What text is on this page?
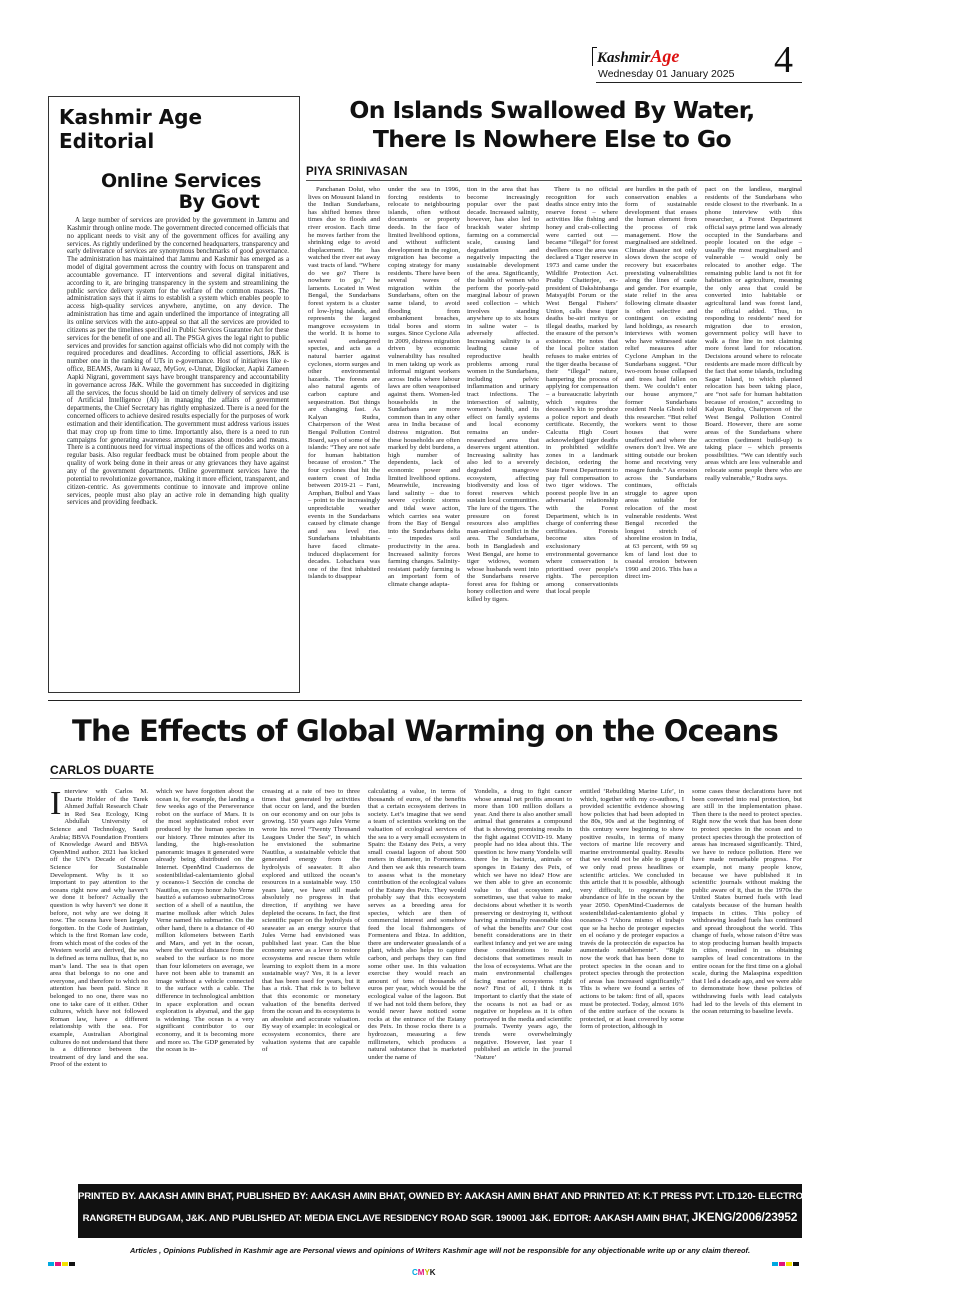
KashmirAge
Wednesday 01 January 2025 4
Kashmir Age
Editorial
Online Services
By Govt

A large number of services are provided by the government in Jammu and Kashmir through online mode. The government directed concerned officials that no applicant needs to visit any of the government offices for availing any services. As rightly underlined by the concerned headquarters, transparency and early deliverance of services are synonymous benchmarks of good governance. The administration has maintained that Jammu and Kashmir has emerged as a model of digital government across the country with focus on transparent and accountable governance. IT interventions and several digital initiatives, according to it, are bringing transparency in the system and streamlining the public service delivery system for the welfare of the common masses. The administration says that it aims to establish a system which enables people to access high-quality services anywhere, anytime, on any device. The administration has time and again underlined the importance of integrating all its online services with the auto-appeal so that all the services are provided to citizens as per the timelines specified in Public Services Guarantee Act for these services for the benefit of one and all. The PSGA gives the legal right to public services and provides for sanction against officials who did not comply with the required procedures and deadlines. According to official assertions, J&K is number one in the ranking of UTs in e-governance. Host of initiatives like e-office, BEAMS, Awam ki Awaaz, MyGov, e-Unnat, Digilocker, Aapki Zameen Aapki Nigrani, government says have brought transparency and accountability in governance across J&K. While the government has succeeded in digitizing all the services, the focus should be laid on timely delivery of services and use of Artificial Intelligence (AI) in managing the affairs of government departments, the Chief Secretary has rightly emphasized. There is a need for the concerned officers to achieve desired results especially for the purposes of work estimation and their identification. The government must address various issues that may crop up from time to time. Importantly also, there is a need to run campaigns for generating awareness among masses about modes and means. There is a continuous need for virtual inspections of the offices and works on a regular basis. Also regular feedback must be obtained from people about the quality of work being done in their areas or any grievances they have against any of the government departments. Online government services have the potential to revolutionize governance, making it more efficient, transparent, and citizen-centric. As governments continue to innovate and improve online services, people must also play an active role in demanding high quality services and providing feedback.

On Islands Swallowed By Water,
There Is Nowhere Else to Go
PIYA SRINIVASAN

Panchanan Dolui, who lives on Mousuni Island in the Indian Sundarbans, has shifted homes three times due to floods and river erosion. Each time he moves farther from the shrinking edge to avoid displacement. He has watched the river eat away vast tracts of land. “Where do we go? There is nowhere to go,” he laments. Located in West Bengal, the Sundarbans forest system is a cluster of low-lying islands, and represents the largest mangrove ecosystem in the world. It is home to several endangered species, and acts as a natural barrier against cyclones, storm surges and other environmental hazards. The forests are also natural agents of carbon capture and sequestration. But things are changing fast. As Kalyan Rudra, Chairperson of the West Bengal Pollution Control Board, says of some of the islands: “They are not safe for human habitation because of erosion.” The four cyclones that hit the eastern coast of India between 2019-21 – Fani, Amphan, Bulbul and Yaas – point to the increasingly unpredictable weather events in the Sundarbans caused by climate change and sea level rise. Sundarbans inhabitants have faced climate-induced displacement for decades. Lohachara was one of the first inhabited islands to disappear

under the sea in 1996, forcing residents to relocate to neighbouring islands, often without documents or property deeds. In the face of limited livelihood options, and without sufficient development in the region, migration has become a coping strategy for many residents. There have been several waves of migration within the Sundarbans, often on the same island, to avoid flooding from embankment breaches, tidal bores and storm surges. Since Cyclone Aila in 2009, distress migration driven by economic vulnerability has resulted in men taking up work as informal migrant workers across India where labour laws are often weaponised against them. Women-led households in the Sundarbans are more common than in any other area in India because of distress migration. But these households are often marked by debt burdens, a high number of dependents, lack of economic power and limited livelihood options. Meanwhile, increasing land salinity – due to severe cyclonic storms and tidal wave action, which carries sea water from the Bay of Bengal into the Sundarbans delta – impedes soil productivity in the area. Increased salinity forces farming changes. Salinity-resistant paddy farming is an important form of climate change adapta-

tion in the area that has become increasingly popular over the past decade. Increased salinity, however, has also led to brackish water shrimp farming on a commercial scale, causing land degradation and negatively impacting the sustainable development of the area. Significantly, the health of women who perform the poorly-paid marginal labour of prawn seed collection – which involves standing anywhere up to six hours in saline water – is adversely affected. Increasing salinity is a leading cause of reproductive health problems among rural women in the Sundarbans, including pelvic inflammation and urinary tract infections. The intersection of salinity, women’s health, and its effect on family systems and local economy remains an under-researched area that deserves urgent attention. Increasing salinity has also led to a severely degraded mangrove ecosystem, affecting biodiversity and loss of forest reserves which sustain local communities. The lure of the tigers. The pressure on forest resources also amplifies man-animal conflict in the area. The Sundarbans, both in Bangladesh and West Bengal, are home to tiger widows, women whose husbands went into the Sundarbans reserve forest area for fishing or honey collection and were killed by tigers.

There is no official recognition for such deaths since entry into the reserve forest – where activities like fishing and honey and crab-collecting were carried out — became “illegal” for forest dwellers once the area was declared a Tiger reserve in 1973 and came under the Wildlife Protection Act. Pradip Chatterjee, ex-president of Dakshinbanga Matsyajibi Forum or the West Bengal Fishers’ Union, calls these tiger deaths be-airi mrityu or illegal deaths, marked by the erasure of the person’s existence. He notes that the local police station refuses to make entries of the tiger deaths because of their “illegal” nature, hampering the process of applying for compensation – a bureaucratic labyrinth which requires the deceased’s kin to produce a police report and death certificate. Recently, the Calcutta High Court acknowledged tiger deaths in prohibited wildlife zones in a landmark decision, ordering the State Forest Department to pay full compensation to two tiger widows. The poorest people live in an adversarial relationship with the Forest Department, which is in charge of conferring these certificates. Forests become sites of exclusionary environmental governance where conservation is prioritised over people’s rights. The perception among conservationists that local people

are hurdles in the path of conservation enables a form of sustainable development that erases the human element from the process of risk management. How the marginalised are sidelined. Climate disaster not only slows down the scope of recovery but exacerbates preexisting vulnerabilities along the lines of caste and gender. For example, state relief in the area following climate disaster is often selective and contingent on existing land holdings, as research interviews with women who have witnessed state relief measures after Cyclone Amphan in the Sundarbans suggest. “Our two-room house collapsed and trees had fallen on them. We couldn’t enter our house anymore,” former Sundarbans resident Neela Ghosh told this researcher. “But relief workers went to those houses that were unaffected and where the owners don’t live. We are sitting outside our broken home and receiving very meagre funds.” As erosion across the Sundarbans continues, officials struggle to agree upon areas suitable for relocation of the most vulnerable residents. West Bengal recorded the longest stretch of shoreline erosion in India, at 63 percent, with 99 sq km of land lost due to coastal erosion between 1990 and 2016. This has a direct im-

pact on the landless, marginal residents of the Sundarbans who reside closest to the riverbank. In a phone interview with this researcher, a Forest Department official says prime land was already occupied in the Sundarbans and people located on the edge – usually the most marginalised and vulnerable – would only be relocated to another edge. The remaining public land is not fit for habitation or agriculture, meaning the only area that could be converted into habitable or agricultural land was forest land, the official added. Thus, in responding to residents’ need for migration due to erosion, government policy will have to walk a fine line in not claiming more forest land for relocation. Decisions around where to relocate residents are made more difficult by the fact that some islands, including Sagar Island, to which planned relocation has been taking place, are “not safe for human habitation because of erosion,” according to Kalyan Rudra, Chairperson of the West Bengal Pollution Control Board. However, there are some areas of the Sundarbans where accretion (sediment build-up) is taking place – which presents possibilities. “We can identify such areas which are less vulnerable and relocate some people there who are really vulnerable,” Rudra says.

The Effects of Global Warming on the Oceans
CARLOS DUARTE
Interview with Carlos M. Duarte Holder of the Tarek Ahmed Juffali Research Chair in Red Sea Ecology, King Abdullah University of Science and Technology, Saudi Arabia; BBVA Foundation Frontiers of Knowledge Award and BBVA OpenMind author. 2021 has kicked off the UN’s Decade of Ocean Science for Sustainable Development. Why is it so important to pay attention to the oceans right now and why haven’t we done it before? Actually the question is why haven’t we done it before, not why are we doing it now. The oceans have been largely forgotten. In the Code of Justinian, which is the first Roman law code, from which most of the codes of the Western world are derived, the sea is defined as terra nullius, that is, no man’s land. The sea is that open area that belongs to no one and everyone, and therefore to which no attention has been paid. Since it belonged to no one, there was no one to take care of it either. Other cultures, which have not followed Roman law, have a different relationship with the sea. For example, Australian Aboriginal cultures do not understand that there is a difference between the treatment of dry land and the sea. Proof of the extent to

which we have forgotten about the ocean is, for example, the landing a few weeks ago of the Perseverance robot on the surface of Mars. It is the most sophisticated robot ever produced by the human species in our history. Three minutes after its landing, the high-resolution panoramic images it generated were already being distributed on the Internet. OpenMind Cuadernos de sostenibilidad-calentamiento global y oceanos-1 Sección de concha de Nautilus, en cuyo honor Julio Verne bautizó a sufamoso submarinoCross section of a shell of a nautilus, the marine mollusk after which Jules Verne named his submarine. On the other hand, there is a distance of 40 million kilometers between Earth and Mars, and yet in the ocean, where the vertical distance from the seabed to the surface is no more than four kilometers on average, we have not been able to transmit an image without a vehicle connected to the surface with a cable. The difference in technological ambition in space exploration and ocean exploration is abysmal, and the gap is widening. The ocean is a very significant contributor to our economy, and it is becoming more and more so. The GDP generated by the ocean is in-

creasing at a rate of two to three times that generated by activities that occur on land, and the burden on our economy and on our jobs is growing. 150 years ago Jules Verne wrote his novel “Twenty Thousand Leagues Under the Sea”, in which he envisioned the submarine Nautilus, a sustainable vehicle that generated energy from the hydrolysis of seawater. It also explored and utilized the ocean’s resources in a sustainable way. 150 years later, we have still made absolutely no progress in that direction, if anything we have depleted the oceans. In fact, the first scientific paper on the hydrolysis of seawater as an energy source that Jules Verne had envisioned was published last year. Can the blue economy serve as a lever to restore ecosystems and rescue them while learning to exploit them in a more sustainable way? Yes, it is a lever that has been used for years, but it has a risk. That risk is to believe that this economic or monetary valuation of the benefits derived from the ocean and its ecosystems is an absolute and accurate valuation. By way of example: in ecological or ecosystem economics, there are valuation systems that are capable of

calculating a value, in terms of thousands of euros, of the benefits that a certain ecosystem derives in society. Let’s imagine that we send a team of scientists working on the valuation of ecological services of the sea to a very small ecosystem in Spain: the Estany des Peix, a very small coastal lagoon of about 500 meters in diameter, in Formentera. And then we ask this research team to assess what is the monetary contribution of the ecological values of the Estany des Peix. They would probably say that this ecosystem serves as a breeding area for species, which are then of commercial interest and somehow feed the local fishmongers of Formentera and Ibiza. In addition, there are underwater grasslands of a plant, which also helps to capture carbon, and perhaps they can find some other use. In this valuation exercise they would reach an amount of tens of thousands of euros per year, which would be the ecological value of the lagoon. But if we had not told them before, they would never have noticed some rocks at the entrance of the Estany des Peix. In those rocks there is a hydrozoan, measuring a few millimeters, which produces a natural substance that is marketed under the name of

Yondelis, a drug to fight cancer whose annual net profits amount to more than 100 million dollars a year. And there is also another small animal that generates a compound that is showing promising results in the fight against COVID-19. Many people had no idea about this. The question is: how many Yondelis will there be in bacteria, animals or sponges in Estany des Peix, of which we have no idea? How are we then able to give an economic value to that ecosystem and, sometimes, use that value to make decisions about whether it is worth preserving or destroying it, without having a minimally reasonable idea of what the benefits are? Our cost benefit considerations are in their earliest infancy and yet we are using these considerations to make decisions that sometimes result in the loss of ecosystems. What are the main environmental challenges facing marine ecosystems right now? First of all, I think it is important to clarify that the state of the oceans is not as bad or as negative or hopeless as it is often portrayed in the media and scientific journals. Twenty years ago, the trends were overwhelmingly negative. However, last year I published an article in the journal ‘Nature’

entitled ‘Rebuilding Marine Life’, in which, together with my co-authors, I provided scientific evidence showing how policies that had been adopted in the 80s, 90s and at the beginning of this century were beginning to show positive results, in terms of many vectors of marine life recovery and marine environmental quality. Results that we would not be able to grasp if we only read press headlines or scientific articles. We concluded in this article that it is possible, although very difficult, to regenerate the abundance of life in the ocean by the year 2050. OpenMind-Cuadernos de sostenibilidad-calentamiento global y oceanos-3 “Ahora mismo el trabajo que se ha hecho de proteger especies en el océano y de proteger espacios a través de la protección de espacios ha aumentado notablemente”. “Right now the work that has been done to protect species in the ocean and to protect species through the protection of areas has increased significantly.” This is where we found a series of actions to be taken: first of all, spaces must be protected. Today, almost 16% of the entire surface of the oceans is protected, or at least covered by some form of protection, although in

some cases these declarations have not been converted into real protection, but are still in the implementation phase. Then there is the need to protect species. Right now the work that has been done to protect species in the ocean and to protect species through the protection of areas has increased significantly. Third, we have to reduce pollution. Here we have made remarkable progress. For example, not many people know, because we have published it in scientific journals without making the public aware of it, that in the 1970s the United States burned fuels with lead catalysts because of the human health impacts in cities. This policy of withdrawing leaded fuels has continued and spread throughout the world. This change of fuels, whose raison d’être was to stop producing human health impacts in cities, resulted in us obtaining samples of lead concentrations in the entire ocean for the first time on a global scale, during the Malaspina expedition that I led a decade ago, and we were able to demonstrate how these policies of withdrawing fuels with lead catalysts had led to the levels of this element in the ocean returning to baseline levels.

PRINTED BY. AAKASH AMIN BHAT, PUBLISHED BY: AAKASH AMIN BHAT, OWNED BY: AAKASH AMIN BHAT AND PRINTED AT: K.T PRESS PVT. LTD.120- ELECTRONIC COMPLEX INDUSTRIAL ESTATE
RANGRETH BUDGAM, J&K. AND PUBLISHED AT: MEDIA ENCLAVE RESIDENCY ROAD SGR. 190001 J&K. EDITOR: AAKASH AMIN BHAT, JKENG/2006/23952
Articles , Opinions Published in Kashmir age are Personal views and opinions of Writers Kashmir age will not be responsible for any objectionable write up or any claim thereof.
CMYK
